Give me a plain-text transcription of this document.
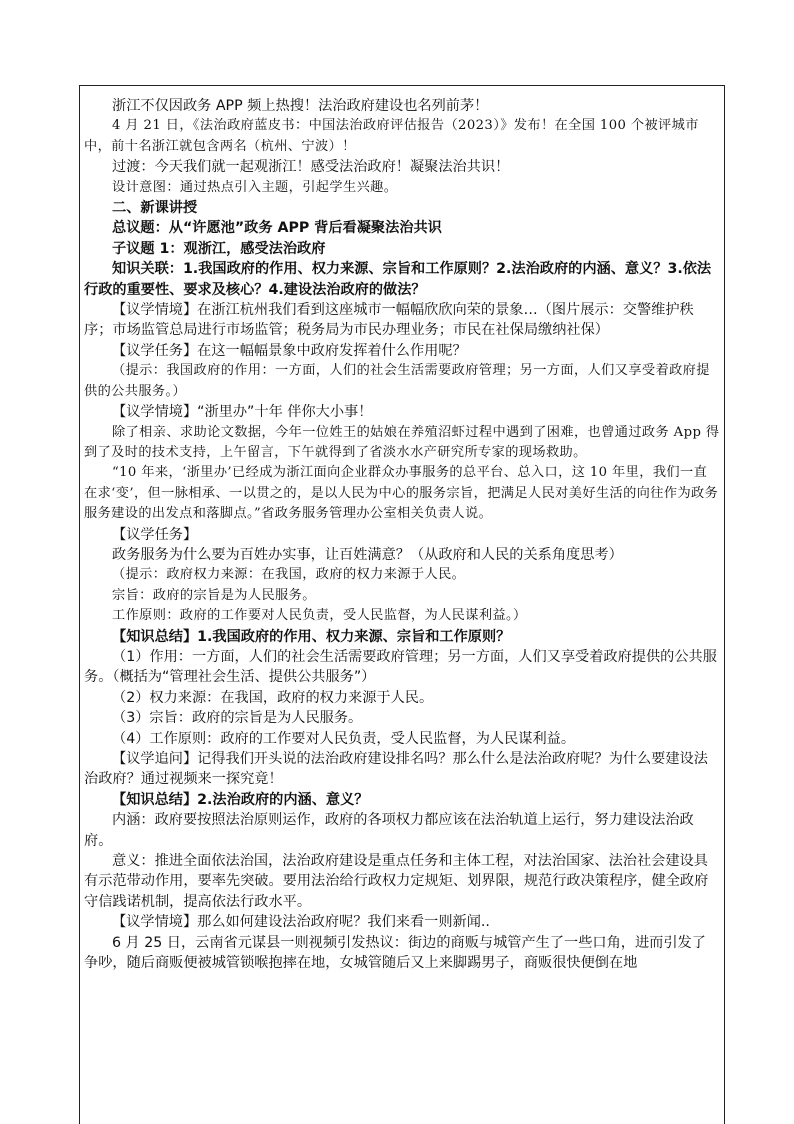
浙江不仅因政务 APP 频上热搜！法治政府建设也名列前茅！

4 月 21 日，《法治政府蓝皮书：中国法治政府评估报告（2023）》发布！在全国 100 个被评城市中，前十名浙江就包含两名（杭州、宁波）！

过渡：今天我们就一起观浙江！感受法治政府！凝聚法治共识！

设计意图：通过热点引入主题，引起学生兴趣。

二、新课讲授

总议题：从“许愿池”政务 APP 背后看凝聚法治共识

子议题 1：观浙江，感受法治政府

知识关联：1.我国政府的作用、权力来源、宗旨和工作原则？2.法治政府的内涵、意义？3.依法行政的重要性、要求及核心？4.建设法治政府的做法？

【议学情境】在浙江杭州我们看到这座城市一幅幅欣欣向荣的景象…（图片展示：交警维护秩序；市场监管总局进行市场监管；税务局为市民办理业务；市民在社保局缴纳社保）

【议学任务】在这一幅幅景象中政府发挥着什么作用呢？

（提示：我国政府的作用：一方面，人们的社会生活需要政府管理；另一方面，人们又享受着政府提供的公共服务。）

【议学情境】“浙里办”十年 伴你大小事！

除了相亲、求助论文数据，今年一位姓王的姑娘在养殖沼虾过程中遇到了困难，也曾通过政务 App 得到了及时的技术支持，上午留言，下午就得到了省淡水水产研究所专家的现场救助。

“10 年来，‘浙里办’已经成为浙江面向企业群众办事服务的总平台、总入口，这 10 年里，我们一直在求‘变’，但一脉相承、一以贯之的，是以人民为中心的服务宗旨，把满足人民对美好生活的向往作为政务服务建设的出发点和落脚点。”省政务服务管理办公室相关负责人说。

【议学任务】

政务服务为什么要为百姓办实事，让百姓满意？（从政府和人民的关系角度思考）

（提示：政府权力来源：在我国，政府的权力来源于人民。

宗旨：政府的宗旨是为人民服务。

工作原则：政府的工作要对人民负责，受人民监督，为人民谋利益。）

【知识总结】1.我国政府的作用、权力来源、宗旨和工作原则？

（1）作用：一方面，人们的社会生活需要政府管理；另一方面，人们又享受着政府提供的公共服务。（概括为“管理社会生活、提供公共服务”）

（2）权力来源：在我国，政府的权力来源于人民。

（3）宗旨：政府的宗旨是为人民服务。

（4）工作原则：政府的工作要对人民负责，受人民监督，为人民谋利益。

【议学追问】记得我们开头说的法治政府建设排名吗？那么什么是法治政府呢？为什么要建设法治政府？通过视频来一探究竟！

【知识总结】2.法治政府的内涵、意义？

内涵：政府要按照法治原则运作，政府的各项权力都应该在法治轨道上运行，努力建设法治政府。

意义：推进全面依法治国，法治政府建设是重点任务和主体工程，对法治国家、法治社会建设具有示范带动作用，要率先突破。要用法治给行政权力定规矩、划界限，规范行政决策程序，健全政府守信践诺机制，提高依法行政水平。

【议学情境】那么如何建设法治政府呢？我们来看一则新闻..

6 月 25 日，云南省元谋县一则视频引发热议：街边的商贩与城管产生了一些口角，进而引发了争吵，随后商贩便被城管锁喉抱摔在地，女城管随后又上来脚踢男子，商贩很快便倒在地
